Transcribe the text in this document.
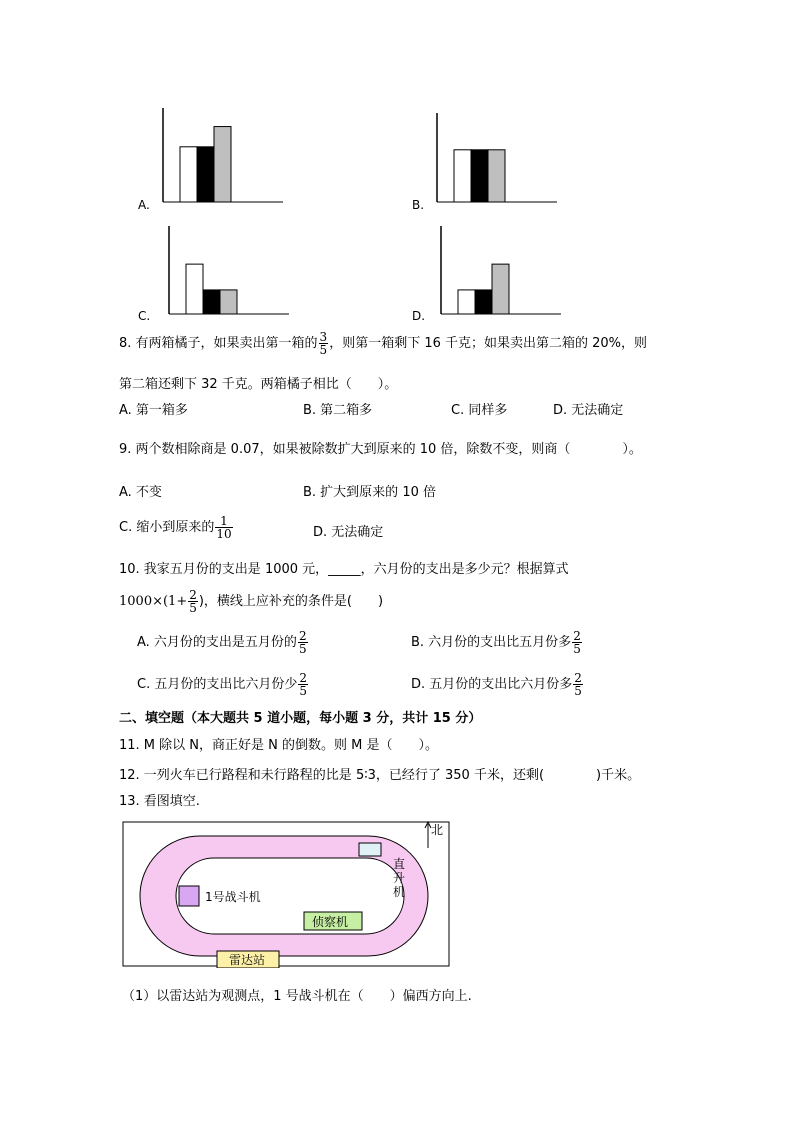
A.	B.
C.	D.
8. 有两箱橘子，如果卖出第一箱的 $\frac{3}{5}$ ，则第一箱剩下 16 千克；如果卖出第二箱的 20%，则
第二箱还剩下 32 千克。两箱橘子相比（　　）。
A. 第一箱多	B. 第二箱多	C. 同样多	D. 无法确定
9. 两个数相除商是 0.07，如果被除数扩大到原来的 10 倍，除数不变，则商（　　　　）。
A. 不变	B. 扩大到原来的 10 倍
C. 缩小到原来的 $\frac{1}{10}$	D. 无法确定
10. 我家五月份的支出是 1000 元，_____，六月份的支出是多少元？根据算式
$1000\times(1+ \frac{2}{5}$ )，横线上应补充的条件是(　　)
A. 六月份的支出是五月份的 $\frac{2}{5}$	B. 六月份的支出比五月份多 $\frac{2}{5}$
C. 五月份的支出比六月份少 $\frac{2}{5}$	D. 五月份的支出比六月份多 $\frac{2}{5}$
二、填空题（本大题共 5 道小题，每小题 3 分，共计 15 分）
11. M 除以 N，商正好是 N 的倒数。则 M 是（　　）。
12. 一列火车已行路程和未行路程的比是 5∶3，已经行了 350 千米，还剩(　　　　)千米。
13. 看图填空.
北
直
升
机
1号战斗机
侦察机
雷达站
（1）以雷达站为观测点，1 号战斗机在（　　）偏西方向上.
